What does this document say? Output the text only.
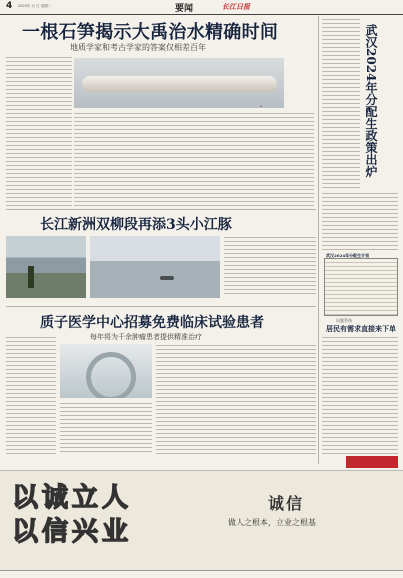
4 2024年 月 日 星期二	要闻	长江日报
一根石笋揭示大禹治水精确时间
地质学家和考古学家的答案仅相差百年
▪
长江新洲双柳段再添3头小江豚
质子医学中心招募免费临床试验患者
每年将为千余肿瘤患者提供精准治疗
武汉2024年分配生政策出炉
武汉2024年分配生计划
问题系统
居民有需求直接来下单
以诚立人
以信兴业
诚信
做人之根本，立业之根基
